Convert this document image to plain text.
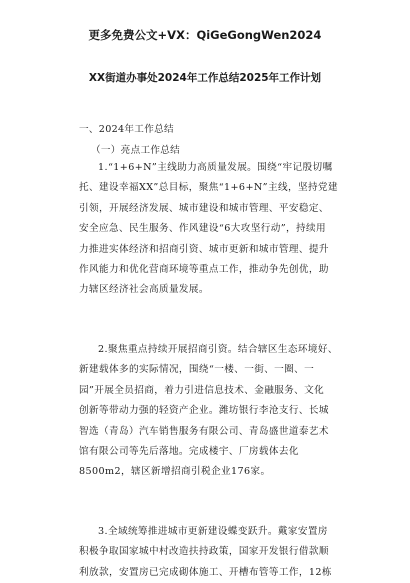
更多免费公文+VX：QiGeGongWen2024
XX街道办事处2024年工作总结2025年工作计划
一、2024年工作总结
（一）亮点工作总结
1.“1+6+N”主线助力高质量发展。围绕“牢记殷切嘱
托、建设幸福XX”总目标，聚焦“1+6+N”主线，坚持党建
引领，开展经济发展、城市建设和城市管理、平安稳定、
安全应急、民生服务、作风建设“6大攻坚行动”，持续用
力推进实体经济和招商引资、城市更新和城市管理、提升
作风能力和优化营商环境等重点工作，推动争先创优，助
力辖区经济社会高质量发展。
2.聚焦重点持续开展招商引资。结合辖区生态环境好、
新建载体多的实际情况，围绕“一楼、一街、一圈、一
园”开展全员招商，着力引进信息技术、金融服务、文化
创新等带动力强的轻资产企业。潍坊银行李沧支行、长城
智选（青岛）汽车销售服务有限公司、青岛盛世道泰艺术
馆有限公司等先后落地。完成楼宇、厂房载体去化
8500m2，辖区新增招商引税企业176家。
3.全域统筹推进城市更新建设蝶变跃升。戴家安置房
积极争取国家城中村改造扶持政策，国家开发银行借款顺
利放款，安置房已完成砌体施工、开槽布管等工作，12栋
